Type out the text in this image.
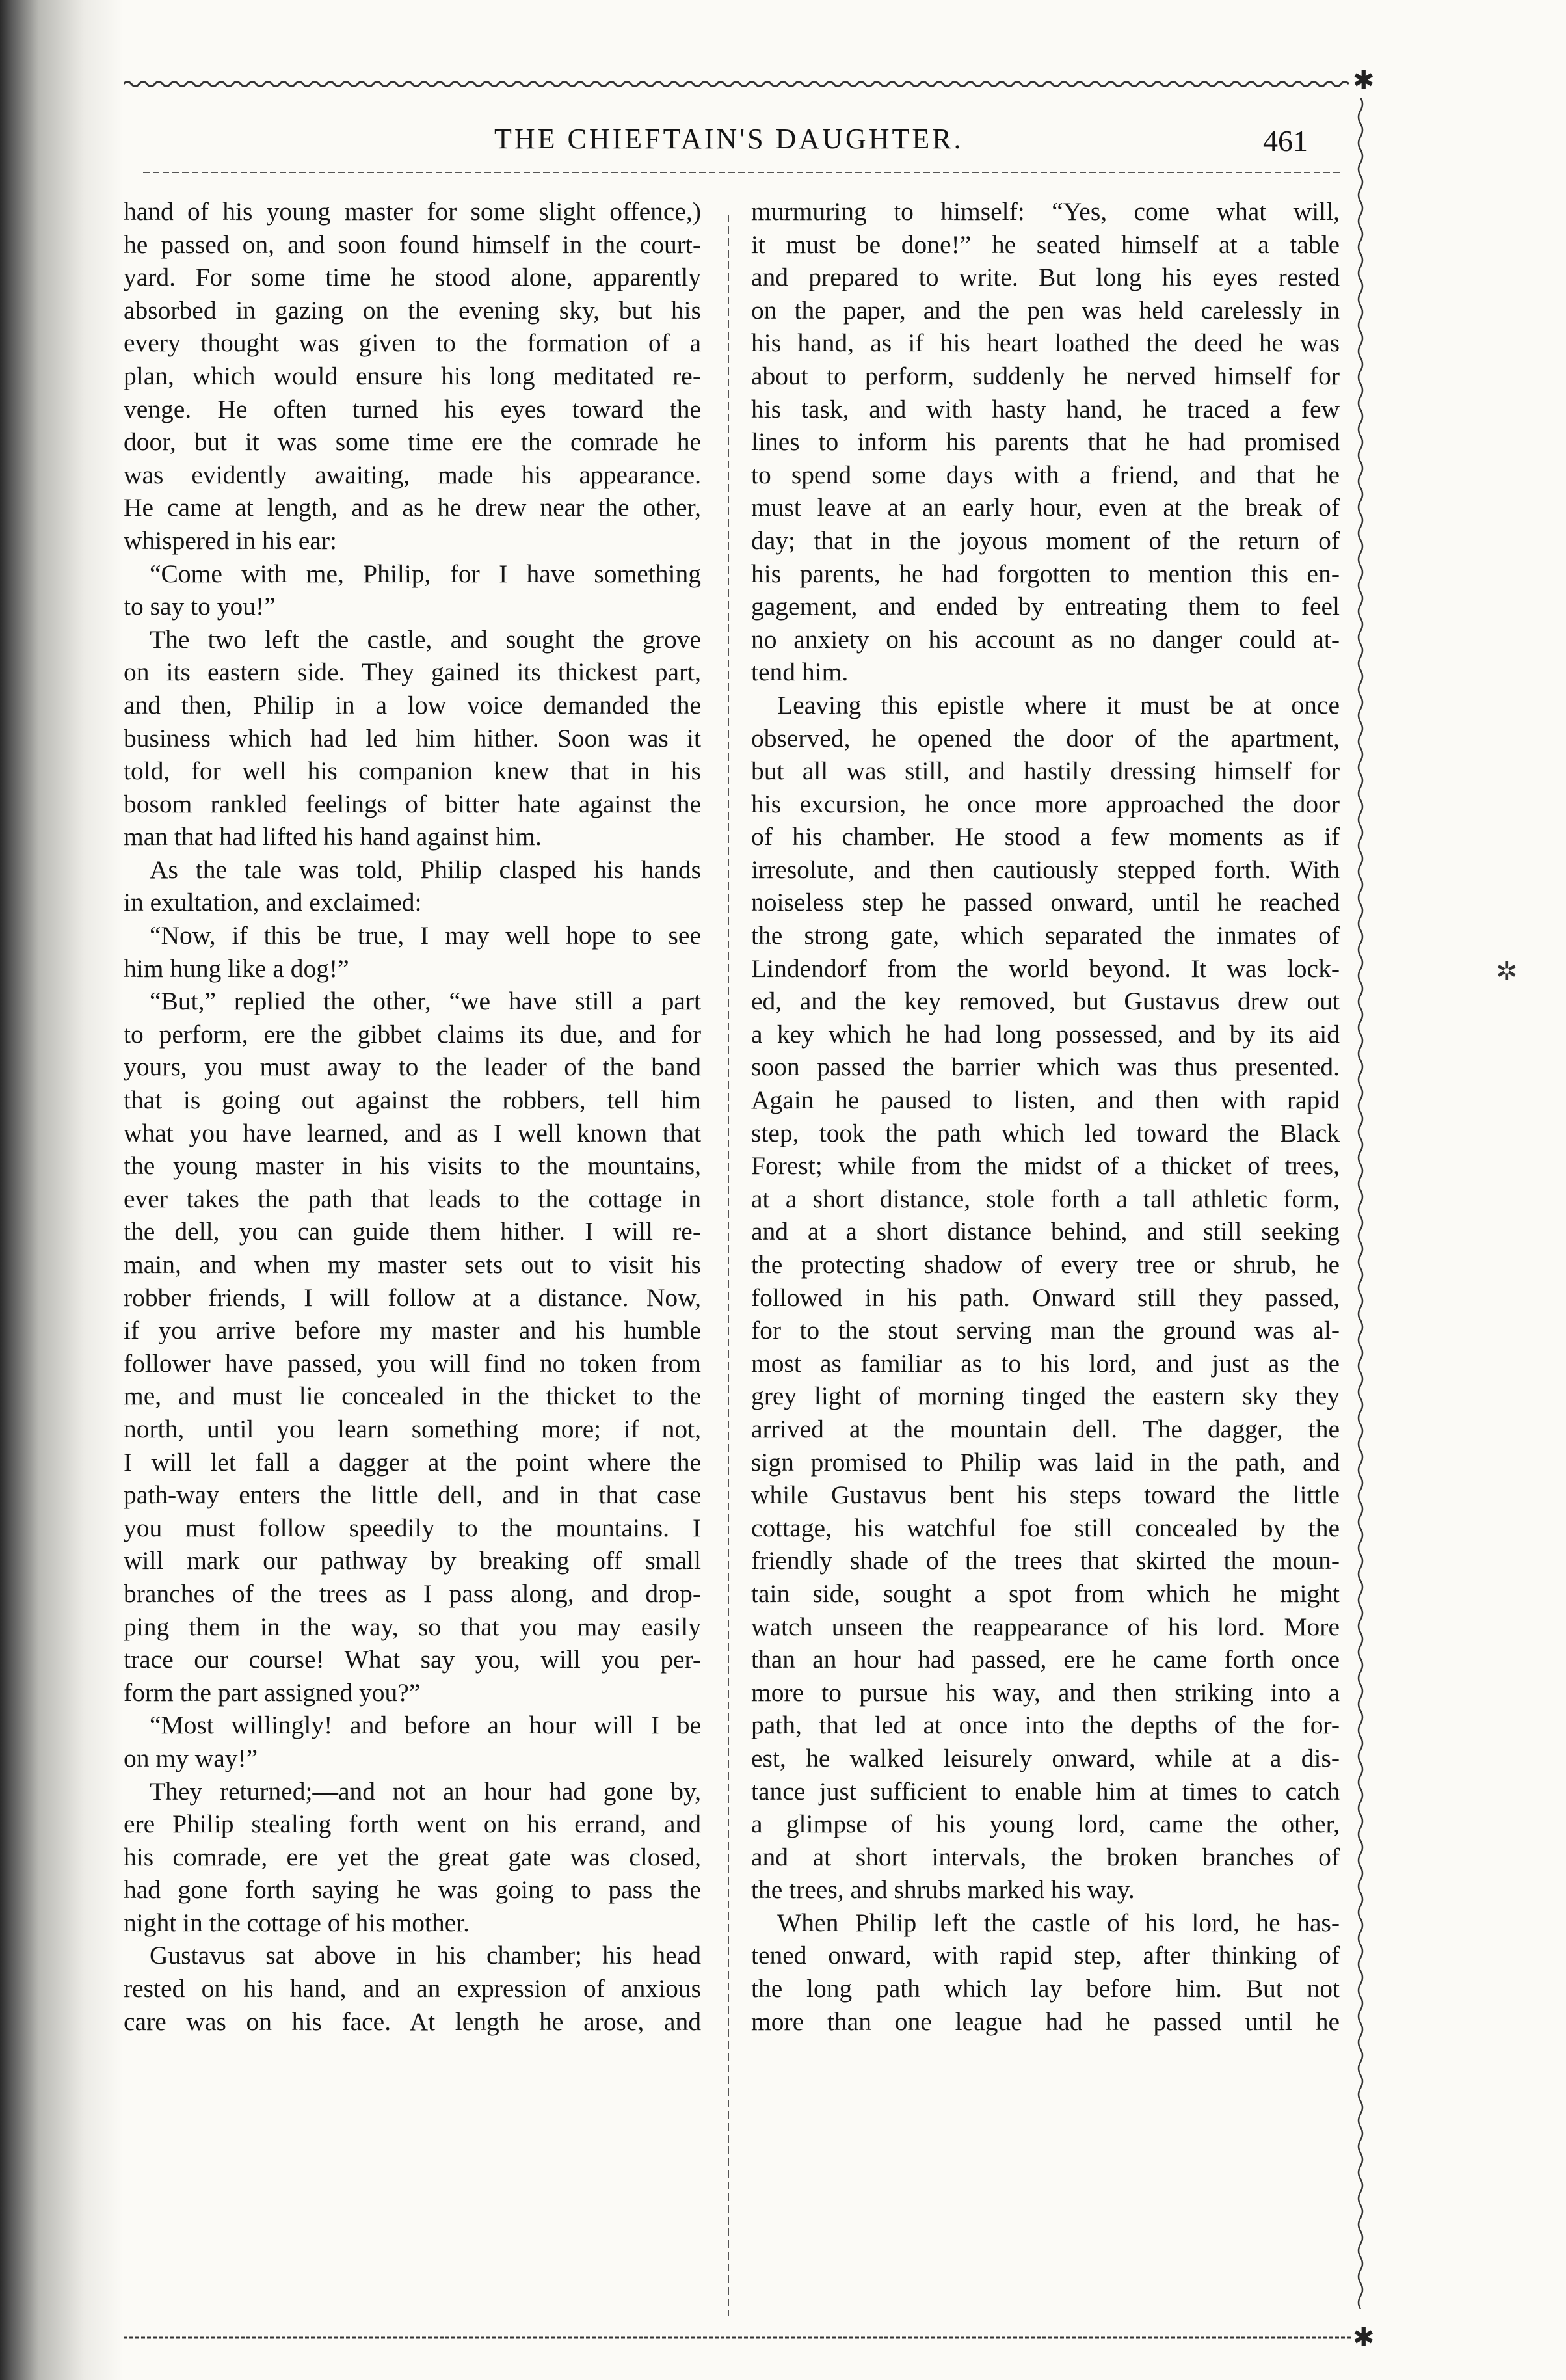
✱
THE CHIEFTAIN'S DAUGHTER.	461
hand of his young master for some slight offence,)
he passed on, and soon found himself in the court-
yard. For some time he stood alone, apparently
absorbed in gazing on the evening sky, but his
every thought was given to the formation of a
plan, which would ensure his long meditated re-
venge. He often turned his eyes toward the
door, but it was some time ere the comrade he
was evidently awaiting, made his appearance.
He came at length, and as he drew near the other,
whispered in his ear:
“Come with me, Philip, for I have something
to say to you!”
The two left the castle, and sought the grove
on its eastern side. They gained its thickest part,
and then, Philip in a low voice demanded the
business which had led him hither. Soon was it
told, for well his companion knew that in his
bosom rankled feelings of bitter hate against the
man that had lifted his hand against him.
As the tale was told, Philip clasped his hands
in exultation, and exclaimed:
“Now, if this be true, I may well hope to see
him hung like a dog!”
“But,” replied the other, “we have still a part
to perform, ere the gibbet claims its due, and for
yours, you must away to the leader of the band
that is going out against the robbers, tell him
what you have learned, and as I well known that
the young master in his visits to the mountains,
ever takes the path that leads to the cottage in
the dell, you can guide them hither. I will re-
main, and when my master sets out to visit his
robber friends, I will follow at a distance. Now,
if you arrive before my master and his humble
follower have passed, you will find no token from
me, and must lie concealed in the thicket to the
north, until you learn something more; if not,
I will let fall a dagger at the point where the
path-way enters the little dell, and in that case
you must follow speedily to the mountains. I
will mark our pathway by breaking off small
branches of the trees as I pass along, and drop-
ping them in the way, so that you may easily
trace our course! What say you, will you per-
form the part assigned you?”
“Most willingly! and before an hour will I be
on my way!”
They returned;—and not an hour had gone by,
ere Philip stealing forth went on his errand, and
his comrade, ere yet the great gate was closed,
had gone forth saying he was going to pass the
night in the cottage of his mother.
Gustavus sat above in his chamber; his head
rested on his hand, and an expression of anxious
care was on his face. At length he arose, and
murmuring to himself: “Yes, come what will,
it must be done!” he seated himself at a table
and prepared to write. But long his eyes rested
on the paper, and the pen was held carelessly in
his hand, as if his heart loathed the deed he was
about to perform, suddenly he nerved himself for
his task, and with hasty hand, he traced a few
lines to inform his parents that he had promised
to spend some days with a friend, and that he
must leave at an early hour, even at the break of
day; that in the joyous moment of the return of
his parents, he had forgotten to mention this en-
gagement, and ended by entreating them to feel
no anxiety on his account as no danger could at-
tend him.
Leaving this epistle where it must be at once
observed, he opened the door of the apartment,
but all was still, and hastily dressing himself for
his excursion, he once more approached the door
of his chamber. He stood a few moments as if
irresolute, and then cautiously stepped forth. With
noiseless step he passed onward, until he reached
the strong gate, which separated the inmates of
Lindendorf from the world beyond. It was lock-
ed, and the key removed, but Gustavus drew out
a key which he had long possessed, and by its aid
soon passed the barrier which was thus presented.
Again he paused to listen, and then with rapid
step, took the path which led toward the Black
Forest; while from the midst of a thicket of trees,
at a short distance, stole forth a tall athletic form,
and at a short distance behind, and still seeking
the protecting shadow of every tree or shrub, he
followed in his path. Onward still they passed,
for to the stout serving man the ground was al-
most as familiar as to his lord, and just as the
grey light of morning tinged the eastern sky they
arrived at the mountain dell. The dagger, the
sign promised to Philip was laid in the path, and
while Gustavus bent his steps toward the little
cottage, his watchful foe still concealed by the
friendly shade of the trees that skirted the moun-
tain side, sought a spot from which he might
watch unseen the reappearance of his lord. More
than an hour had passed, ere he came forth once
more to pursue his way, and then striking into a
path, that led at once into the depths of the for-
est, he walked leisurely onward, while at a dis-
tance just sufficient to enable him at times to catch
a glimpse of his young lord, came the other,
and at short intervals, the broken branches of
the trees, and shrubs marked his way.
When Philip left the castle of his lord, he has-
tened onward, with rapid step, after thinking of
the long path which lay before him. But not
more than one league had he passed until he
✱
✲
